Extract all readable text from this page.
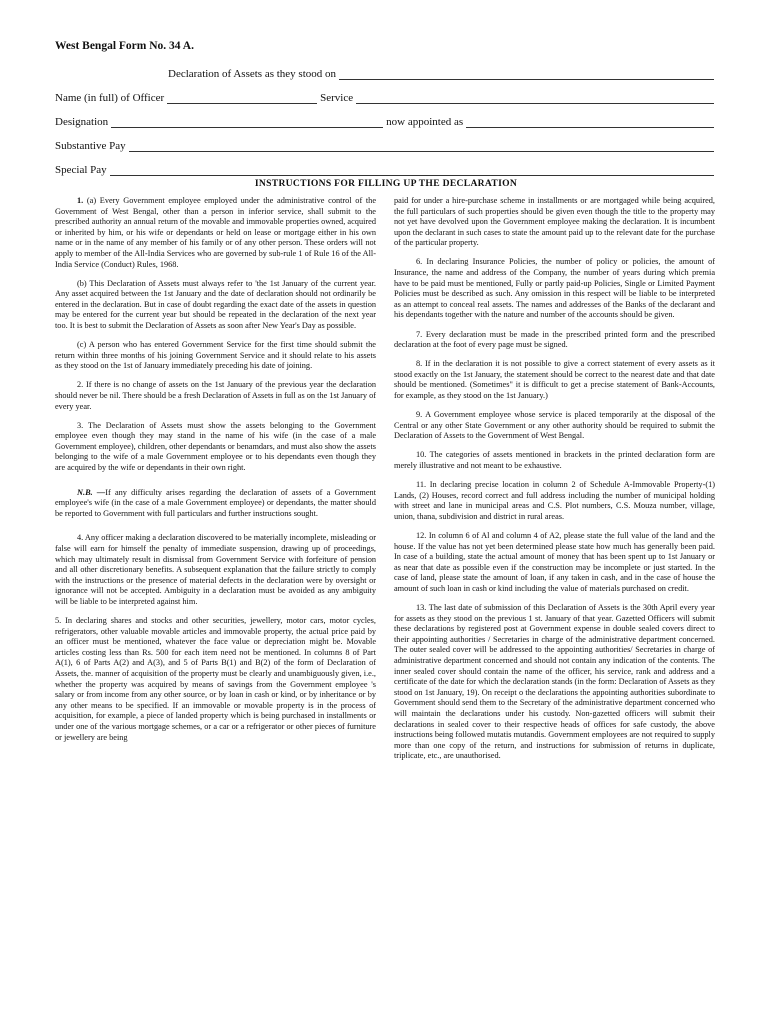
West Bengal Form No. 34 A.
Declaration of Assets as they stood on
Name (in full) of Officer	Service
Designation	now appointed as
Substantive Pay
Special Pay
INSTRUCTIONS FOR FILLING UP THE DECLARATION

1. (a) Every Government employee employed under the administrative control of the Government of West Bengal, other than a person in inferior service, shall submit to the prescribed authority an annual return of the movable and immovable properties owned, acquired or inherited by him, or his wife or dependants or held on lease or mortgage either in his own name or in the name of any member of his family or of any other person. These orders will not apply to member of the All-India Services who are governed by sub-rule 1 of Rule 16 of the All-India Service (Conduct) Rules, 1968.

(b) This Declaration of Assets must always refer to 'the 1st January of the current year. Any asset acquired between the 1st January and the date of declaration should not ordinarily be entered in the declaration. But in case of doubt regarding the exact date of the assets in question may be entered for the current year but should be repeated in the declaration of the next year too. It is best to submit the Declaration of Assets as soon after New Year's Day as possible.

(c) A person who has entered Government Service for the first time should submit the return within three months of his joining Government Service and it should relate to his assets as they stood on the 1st of January immediately preceding his date of joining.

2. If there is no change of assets on the 1st January of the previous year the declaration should never be nil. There should be a fresh Declaration of Assets in full as on the 1st January of every year.

3. The Declaration of Assets must show the assets belonging to the Government employee even though they may stand in the name of his wife (in the case of a male Government employee), children, other dependants or benamdars, and must also show the assets belonging to the wife of a male Government employee or to his dependants even though they are acquired by the wife or dependants in their own right.

N.B. —If any difficulty arises regarding the declaration of assets of a Government employee's wife (in the case of a male Government employee) or dependants, the matter should be reported to Government with full particulars and further instructions sought.

4. Any officer making a declaration discovered to be materially incomplete, misleading or false will earn for himself the penalty of immediate suspension, drawing up of proceedings, which may ultimately result in dismissal from Government Service with forfeiture of pension and all other discretionary benefits. A subsequent explanation that the failure strictly to comply with the instructions or the presence of material defects in the declaration were by oversight or ignorance will not be accepted. Ambiguity in a declaration must be avoided as any ambiguity will be liable to be interpreted against him.

5. In declaring shares and stocks and other securities, jewellery, motor cars, motor cycles, refrigerators, other valuable movable articles and immovable property, the actual price paid by an officer must be mentioned, whatever the face value or depreciation might be. Movable articles costing less than Rs. 500 for each item need not be mentioned. In columns 8 of Part A(1), 6 of Parts A(2) and A(3), and 5 of Parts B(1) and B(2) of the form of Declaration of Assets, the. manner of acquisition of the property must be clearly and unambiguously given, i.e., whether the property was acquired by means of savings from the Government employee 's salary or from income from any other source, or by loan in cash or kind, or by inheritance or by any other means to be specified. If an immovable or movable property is in the process of acquisition, for example, a piece of landed property which is being purchased in installments or under one of the various mortgage schemes, or a car or a refrigerator or other pieces of furniture or jewellery are being

paid for under a hire-purchase scheme in installments or are mortgaged while being acquired, the full particulars of such properties should be given even though the title to the property may not yet have devolved upon the Government employee making the declaration. It is incumbent upon the declarant in such cases to state the amount paid up to the relevant date for the purchase of the particular property.

6. In declaring Insurance Policies, the number of policy or policies, the amount of Insurance, the name and address of the Company, the number of years during which premia have to be paid must be mentioned, Fully or partly paid-up Policies, Single or Limited Payment Policies must be described as such. Any omission in this respect will be liable to be interpreted as an attempt to conceal real assets. The names and addresses of the Banks of the declarant and his dependants together with the nature and number of the accounts should be given.

7. Every declaration must be made in the prescribed printed form and the prescribed declaration at the foot of every page must be signed.

8. If in the declaration it is not possible to give a correct statement of every assets as it stood exactly on the 1st January, the statement should be correct to the nearest date and that date should be mentioned. (Sometimes" it is difficult to get a precise statement of Bank-Accounts, for example, as they stood on the 1st January.)

9. A Government employee whose service is placed temporarily at the disposal of the Central or any other State Government or any other authority should be required to submit the Declaration of Assets to the Government of West Bengal.

10. The categories of assets mentioned in brackets in the printed declaration form are merely illustrative and not meant to be exhaustive.

11. In declaring precise location in column 2 of Schedule A-Immovable Property-(1) Lands, (2) Houses, record correct and full address including the number of municipal holding with street and lane in municipal areas and C.S. Plot numbers, C.S. Mouza number, village, union, thana, subdivision and district in rural areas.

12. In column 6 of Al and column 4 of A2, please state the full value of the land and the house. If the value has not yet been determined please state how much has generally been paid. In case of a building, state the actual amount of money that has been spent up to 1st January or as near that date as possible even if the construction may be incomplete or just started. In the case of land, please state the amount of loan, if any taken in cash, and in the case of house the amount of such loan in cash or kind including the value of materials purchased on credit.

13. The last date of submission of this Declaration of Assets is the 30th April every year for assets as they stood on the previous 1 st. January of that year. Gazetted Officers will submit these declarations by registered post at Government expense in double sealed covers direct to their appointing authorities / Secretaries in charge of the administrative department concerned. The outer sealed cover will be addressed to the appointing authorities/ Secretaries in charge of administrative department concerned and should not contain any indication of the contents. The inner sealed cover should contain the name of the officer, his service, rank and address and a certificate of the date for which the declaration stands (in the form: Declaration of Assets as they stood on 1st January, 19). On receipt o the declarations the appointing authorities subordinate to Government should send them to the Secretary of the administrative department concerned who will maintain the declarations under his custody. Non-gazetted officers will submit their declarations in sealed cover to their respective heads of offices for safe custody, the above instructions being followed mutatis mutandis. Government employees are not required to supply more than one copy of the return, and instructions for submission of returns in duplicate, triplicate, etc., are unauthorised.
